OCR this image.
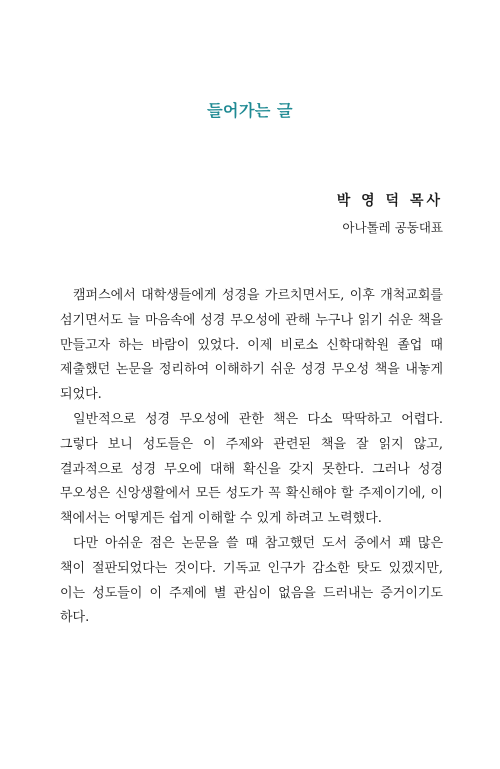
들어가는 글
박 영 덕 목사
아나톨레 공동대표

캠퍼스에서 대학생들에게 성경을 가르치면서도, 이후 개척교회를 섬기면서도 늘 마음속에 성경 무오성에 관해 누구나 읽기 쉬운 책을 만들고자 하는 바람이 있었다. 이제 비로소 신학대학원 졸업 때 제출했던 논문을 정리하여 이해하기 쉬운 성경 무오성 책을 내놓게 되었다.

일반적으로 성경 무오성에 관한 책은 다소 딱딱하고 어렵다. 그렇다 보니 성도들은 이 주제와 관련된 책을 잘 읽지 않고, 결과적으로 성경 무오에 대해 확신을 갖지 못한다. 그러나 성경 무오성은 신앙생활에서 모든 성도가 꼭 확신해야 할 주제이기에, 이 책에서는 어떻게든 쉽게 이해할 수 있게 하려고 노력했다.

다만 아쉬운 점은 논문을 쓸 때 참고했던 도서 중에서 꽤 많은 책이 절판되었다는 것이다. 기독교 인구가 감소한 탓도 있겠지만, 이는 성도들이 이 주제에 별 관심이 없음을 드러내는 증거이기도 하다.
